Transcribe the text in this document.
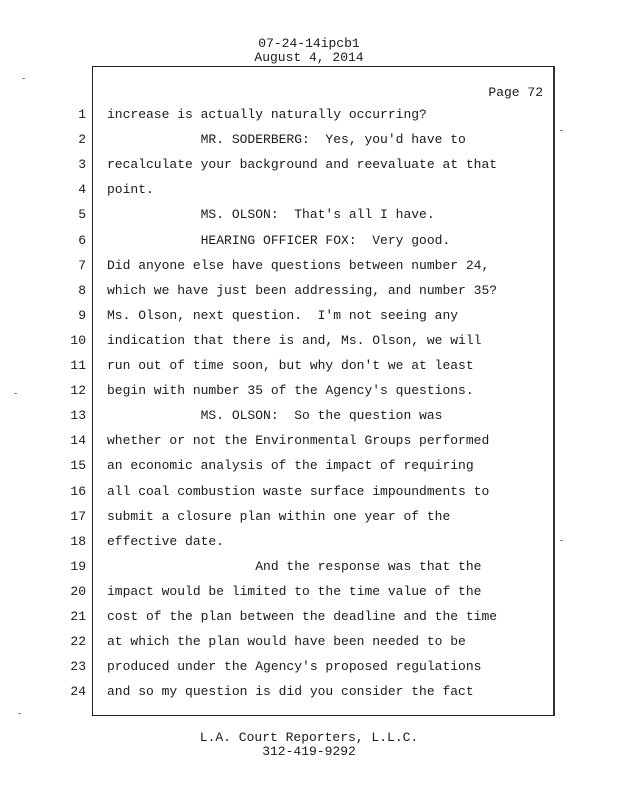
07-24-14ipcb1
August 4, 2014
Page 72
1 increase is actually naturally occurring?
2 MR. SODERBERG:  Yes, you'd have to
3 recalculate your background and reevaluate at that
4 point.
5 MS. OLSON:  That's all I have.
6 HEARING OFFICER FOX:  Very good.
7 Did anyone else have questions between number 24,
8 which we have just been addressing, and number 35?
9 Ms. Olson, next question.  I'm not seeing any
10 indication that there is and, Ms. Olson, we will
11 run out of time soon, but why don't we at least
12 begin with number 35 of the Agency's questions.
13 MS. OLSON:  So the question was
14 whether or not the Environmental Groups performed
15 an economic analysis of the impact of requiring
16 all coal combustion waste surface impoundments to
17 submit a closure plan within one year of the
18 effective date.
19 And the response was that the
20 impact would be limited to the time value of the
21 cost of the plan between the deadline and the time
22 at which the plan would have been needed to be
23 produced under the Agency's proposed regulations
24 and so my question is did you consider the fact
L.A. Court Reporters, L.L.C.
312-419-9292
